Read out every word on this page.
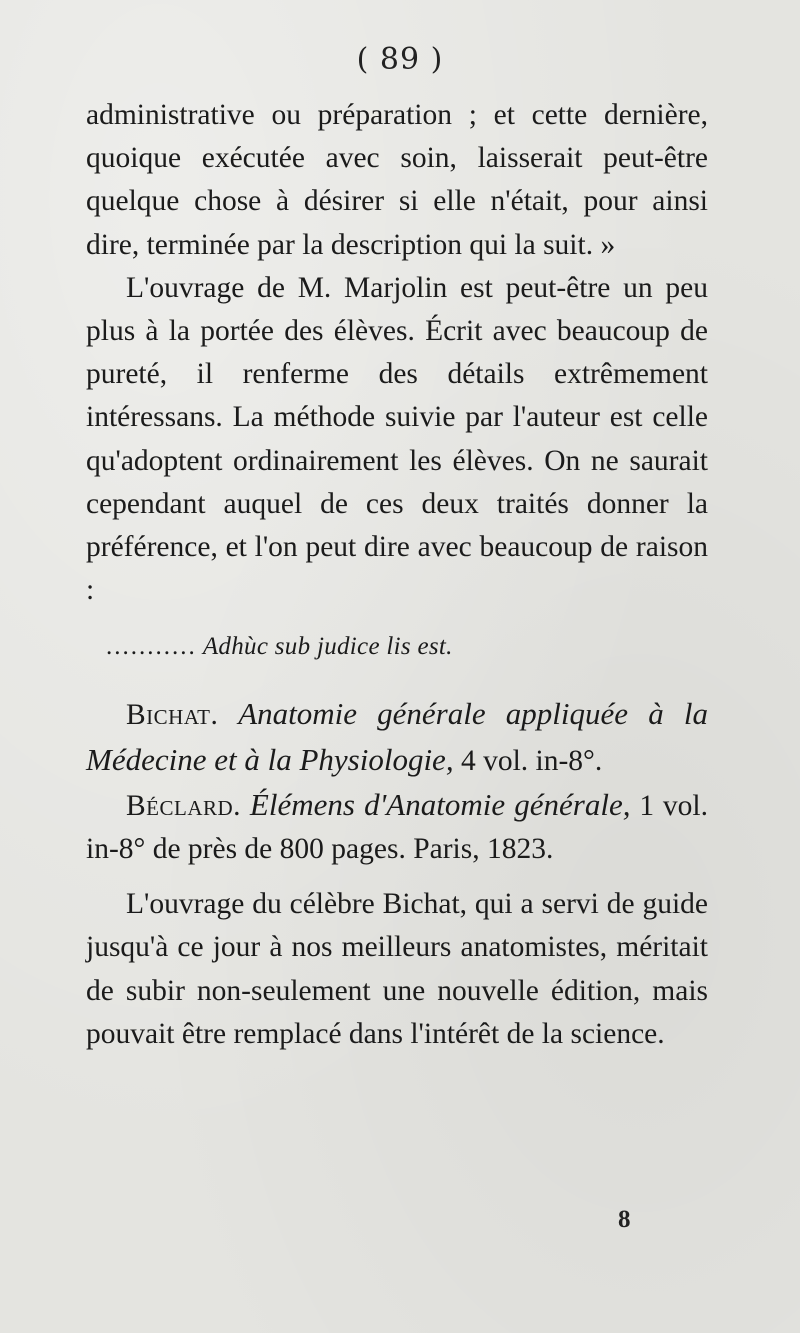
( 89 )

administrative ou préparation ; et cette dernière, quoique exécutée avec soin, laisserait peut-être quelque chose à désirer si elle n'était, pour ainsi dire, terminée par la description qui la suit. »

L'ouvrage de M. Marjolin est peut-être un peu plus à la portée des élèves. Écrit avec beaucoup de pureté, il renferme des détails extrêmement intéressans. La méthode suivie par l'auteur est celle qu'adoptent ordinairement les élèves. On ne saurait cependant auquel de ces deux traités donner la préférence, et l'on peut dire avec beaucoup de raison :

........... Adhùc sub judice lis est.

Bichat. Anatomie générale appliquée à la Médecine et à la Physiologie, 4 vol. in-8°.

Béclard. Élémens d'Anatomie générale, 1 vol. in-8° de près de 800 pages. Paris, 1823.

L'ouvrage du célèbre Bichat, qui a servi de guide jusqu'à ce jour à nos meilleurs anatomistes, méritait de subir non-seulement une nouvelle édition, mais pouvait être remplacé dans l'intérêt de la science.

8
